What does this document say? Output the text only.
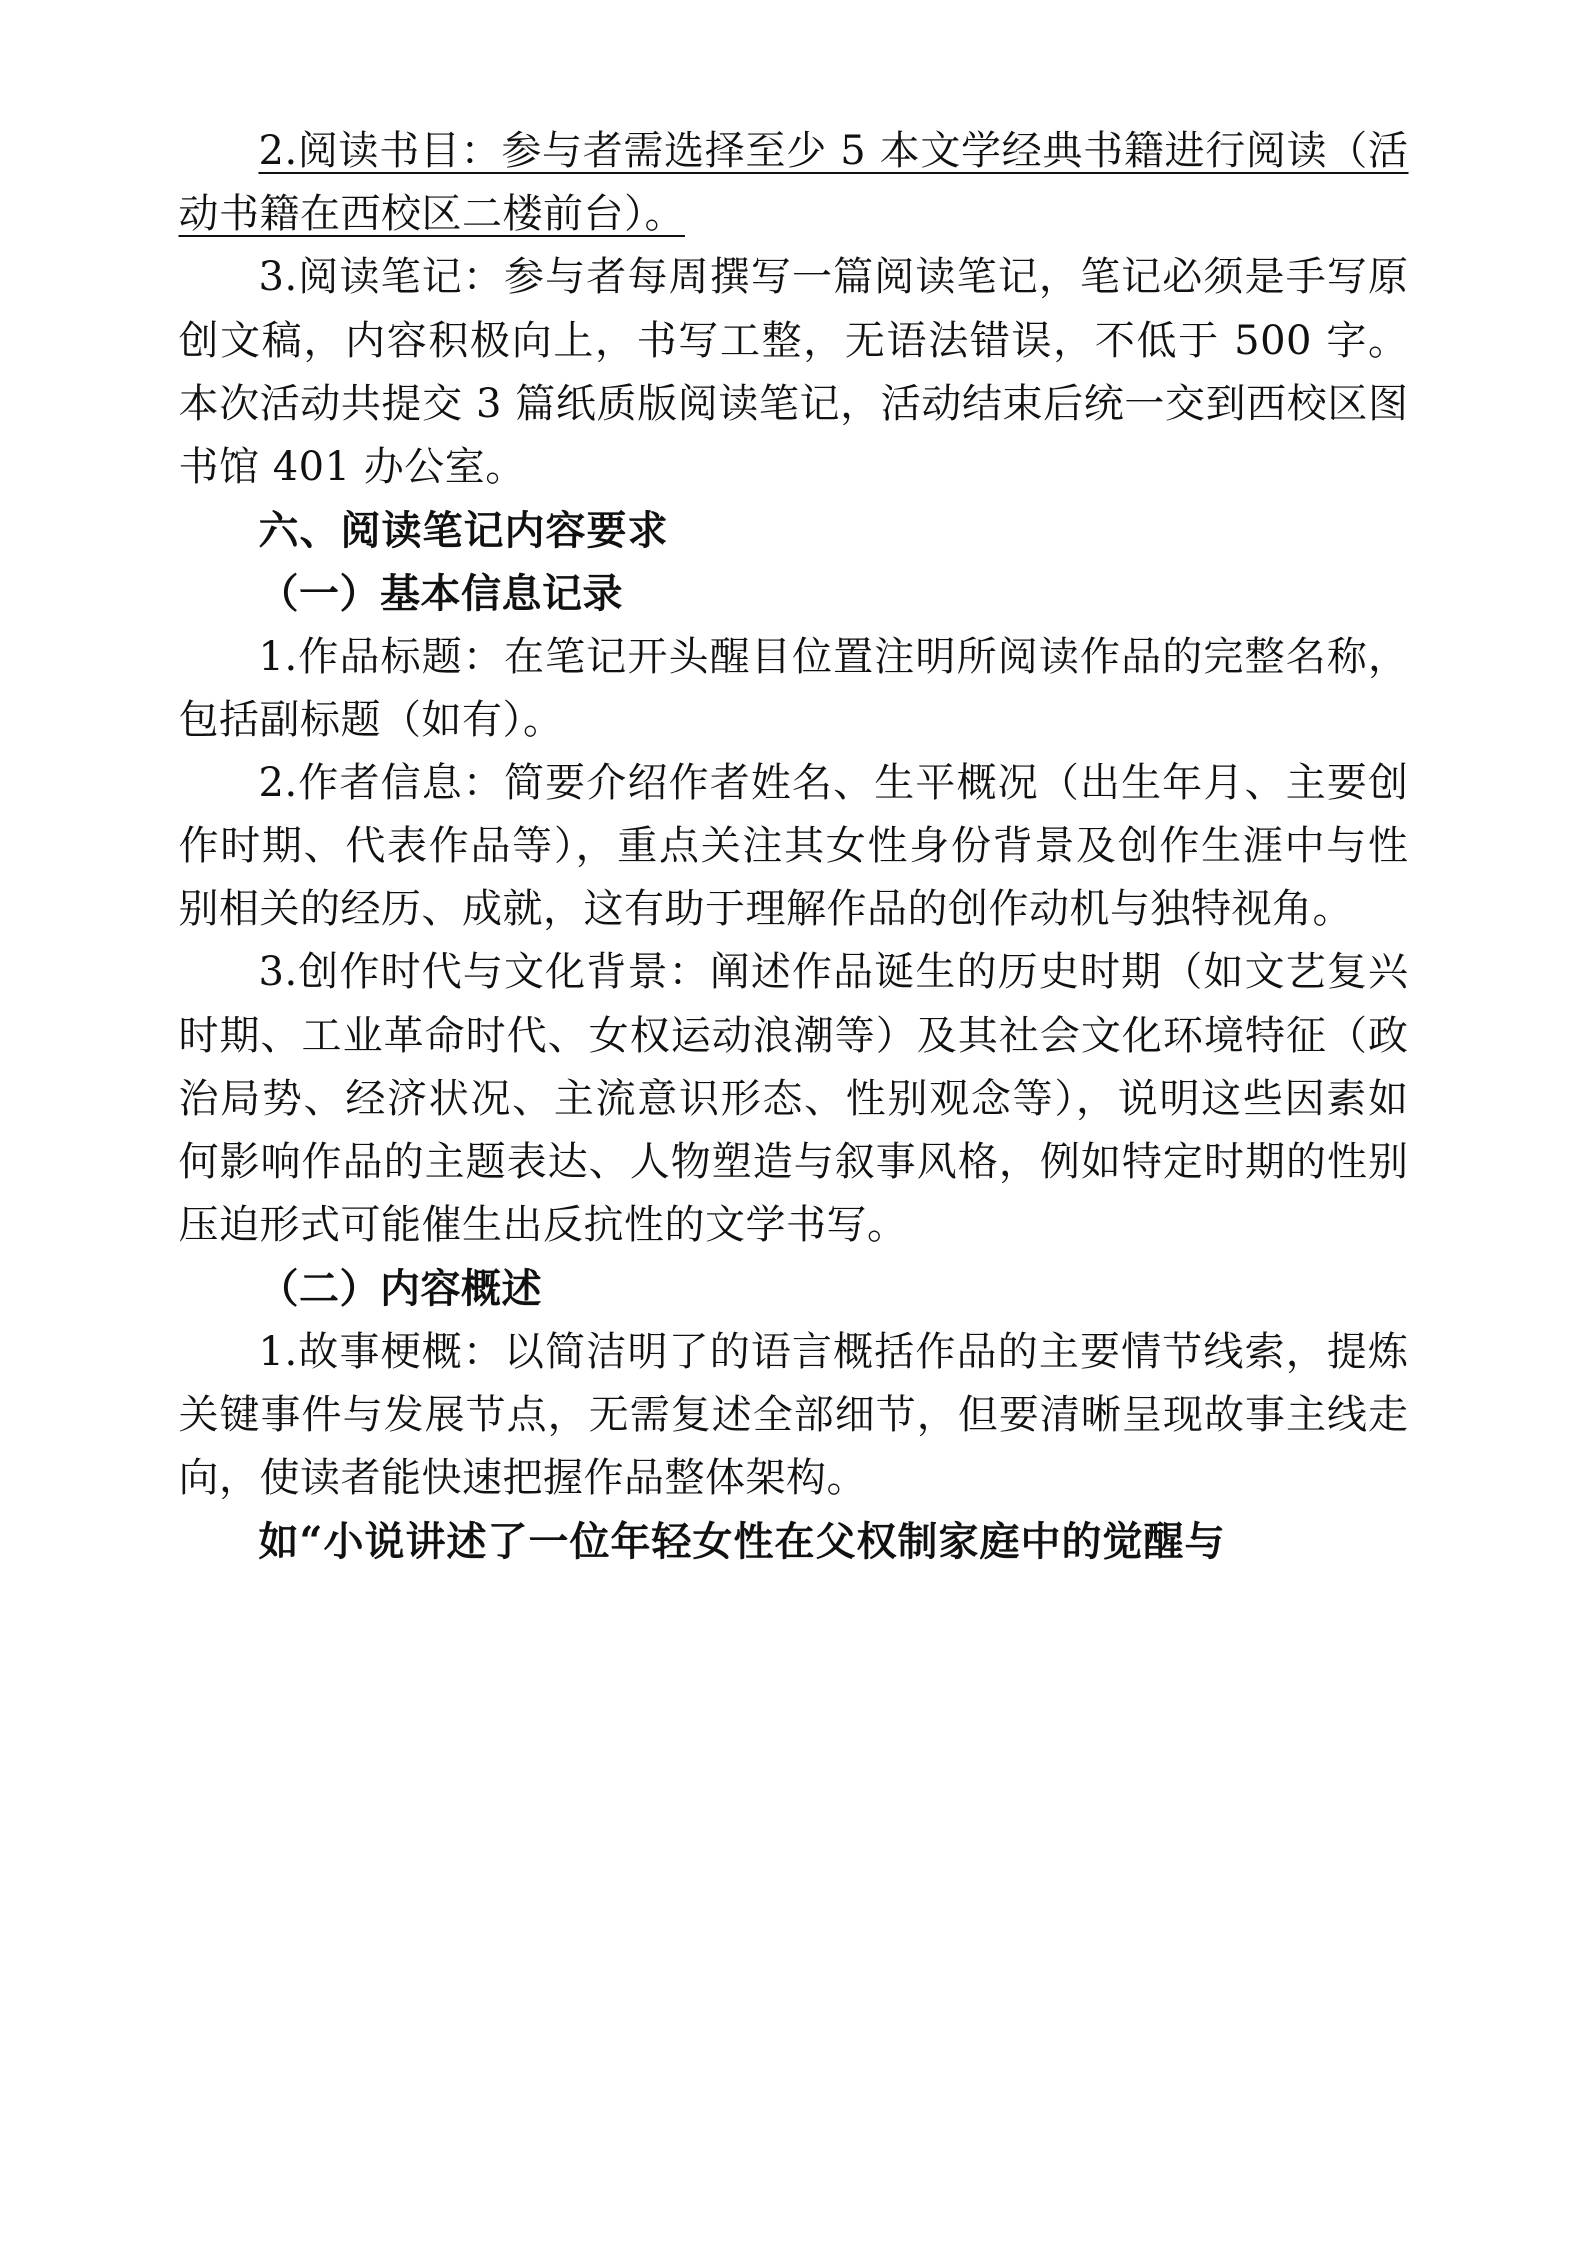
2.阅读书目：参与者需选择至少 5 本文学经典书籍进行阅读（活动书籍在西校区二楼前台）。

3.阅读笔记：参与者每周撰写一篇阅读笔记，笔记必须是手写原创文稿，内容积极向上，书写工整，无语法错误，不低于 500 字。本次活动共提交 3 篇纸质版阅读笔记，活动结束后统一交到西校区图书馆 401 办公室。

六、阅读笔记内容要求

（一）基本信息记录

1.作品标题：在笔记开头醒目位置注明所阅读作品的完整名称，包括副标题（如有）。

2.作者信息：简要介绍作者姓名、生平概况（出生年月、主要创作时期、代表作品等），重点关注其女性身份背景及创作生涯中与性别相关的经历、成就，这有助于理解作品的创作动机与独特视角。

3.创作时代与文化背景：阐述作品诞生的历史时期（如文艺复兴时期、工业革命时代、女权运动浪潮等）及其社会文化环境特征（政治局势、经济状况、主流意识形态、性别观念等），说明这些因素如何影响作品的主题表达、人物塑造与叙事风格，例如特定时期的性别压迫形式可能催生出反抗性的文学书写。

（二）内容概述

1.故事梗概：以简洁明了的语言概括作品的主要情节线索，提炼关键事件与发展节点，无需复述全部细节，但要清晰呈现故事主线走向，使读者能快速把握作品整体架构。

如“小说讲述了一位年轻女性在父权制家庭中的觉醒与
